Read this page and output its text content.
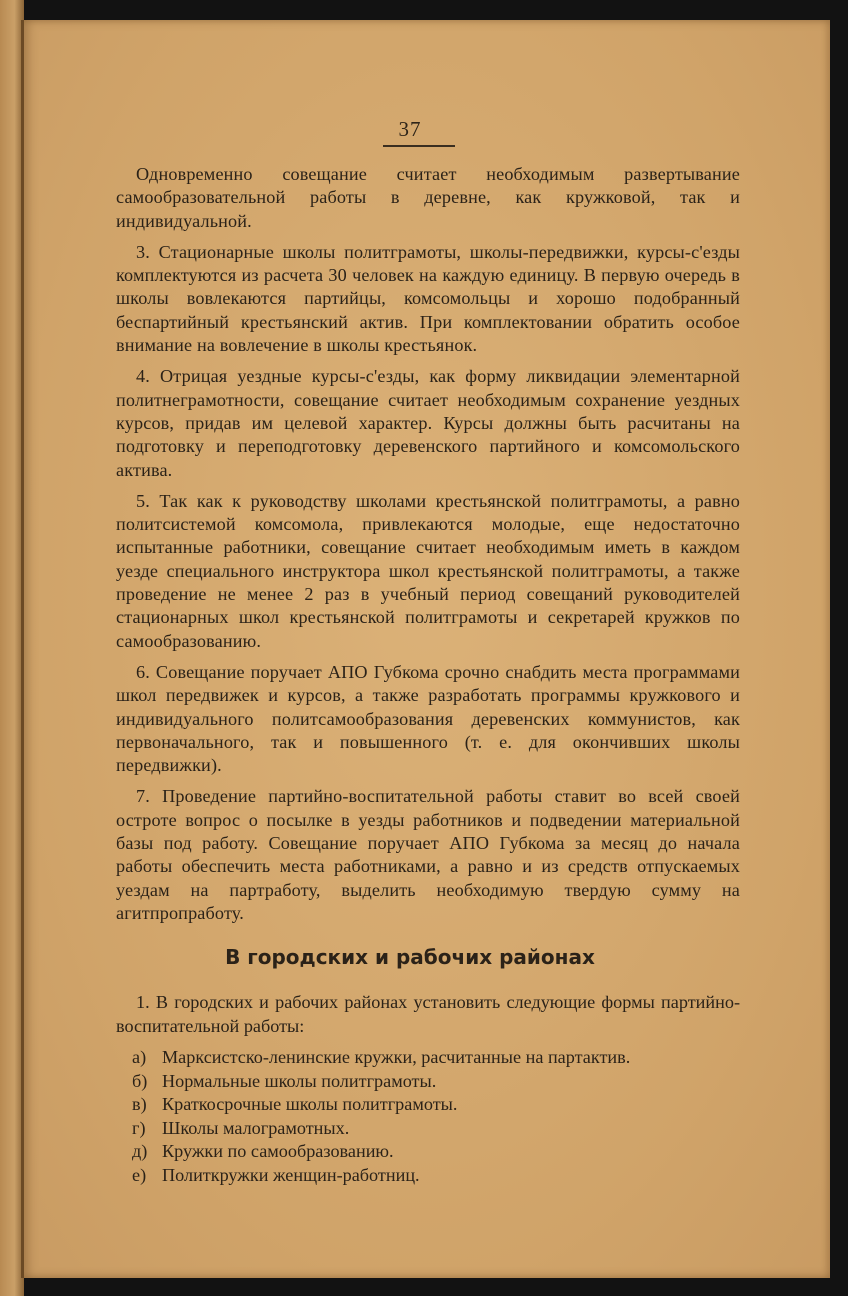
37

Одновременно совещание считает необходимым развертывание самообразовательной работы в деревне, как кружковой, так и индивидуальной.

3. Стационарные школы политграмоты, школы-передвижки, курсы-с'езды комплектуются из расчета 30 человек на каждую единицу. В первую очередь в школы вовлекаются партийцы, комсомольцы и хорошо подобранный беспартийный крестьянский актив. При комплектовании обратить особое внимание на вовлечение в школы крестьянок.

4. Отрицая уездные курсы-с'езды, как форму ликвидации элементарной политнеграмотности, совещание считает необходимым сохранение уездных курсов, придав им целевой характер. Курсы должны быть расчитаны на подготовку и переподготовку деревенского партийного и комсомольского актива.

5. Так как к руководству школами крестьянской политграмоты, а равно политсистемой комсомола, привлекаются молодые, еще недостаточно испытанные работники, совещание считает необходимым иметь в каждом уезде специального инструктора школ крестьянской политграмоты, а также проведение не менее 2 раз в учебный период совещаний руководителей стационарных школ крестьянской политграмоты и секретарей кружков по самообразованию.

6. Совещание поручает АПО Губкома срочно снабдить места программами школ передвижек и курсов, а также разработать программы кружкового и индивидуального политсамообразования деревенских коммунистов, как первоначального, так и повышенного (т. е. для окончивших школы передвижки).

7. Проведение партийно-воспитательной работы ставит во всей своей остроте вопрос о посылке в уезды работников и подведении материальной базы под работу. Совещание поручает АПО Губкома за месяц до начала работы обеспечить места работниками, а равно и из средств отпускаемых уездам на партработу, выделить необходимую твердую сумму на агитпропработу.

В городских и рабочих районах

1. В городских и рабочих районах установить следующие формы партийно-воспитательной работы:

а) Марксистско-ленинские кружки, расчитанные на партактив.
б) Нормальные школы политграмоты.
в) Краткосрочные школы политграмоты.
г) Школы малограмотных.
д) Кружки по самообразованию.
е) Политкружки женщин-работниц.
